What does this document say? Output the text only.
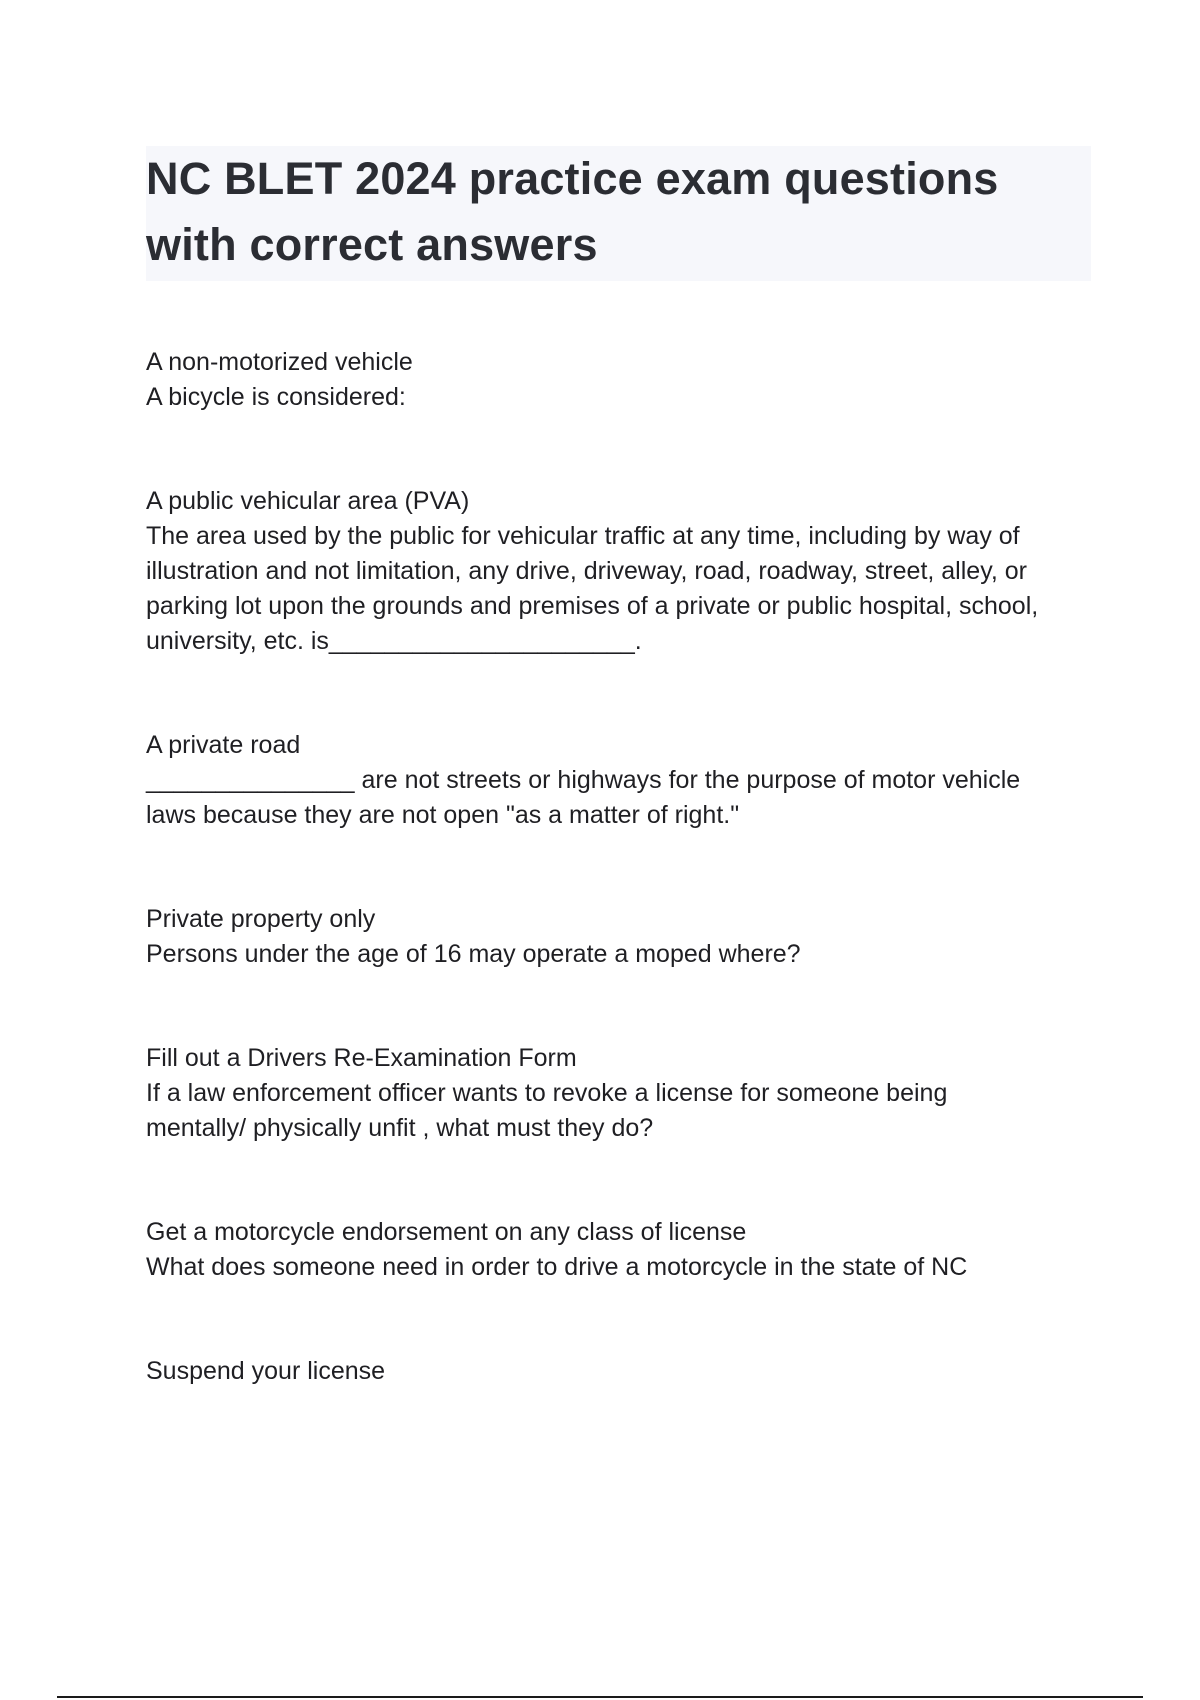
NC BLET 2024 practice exam questions
with correct answers
A non-motorized vehicle
A bicycle is considered:
A public vehicular area (PVA)
The area used by the public for vehicular traffic at any time, including by way of
illustration and not limitation, any drive, driveway, road, roadway, street, alley, or
parking lot upon the grounds and premises of a private or public hospital, school,
university, etc. is______________________.
A private road
_______________ are not streets or highways for the purpose of motor vehicle
laws because they are not open "as a matter of right."
Private property only
Persons under the age of 16 may operate a moped where?
Fill out a Drivers Re-Examination Form
If a law enforcement officer wants to revoke a license for someone being
mentally/ physically unfit , what must they do?
Get a motorcycle endorsement on any class of license
What does someone need in order to drive a motorcycle in the state of NC
Suspend your license
